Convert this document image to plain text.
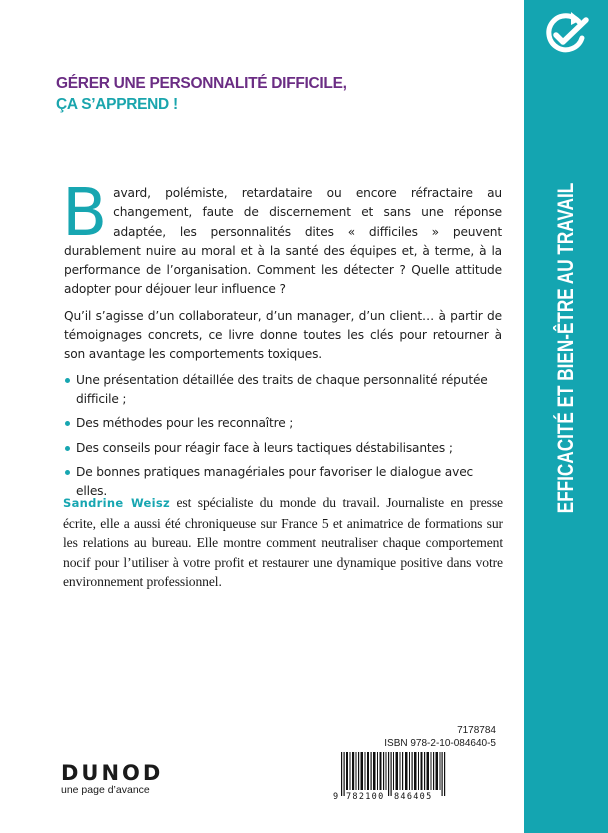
EFFICACITÉ ET BIEN-ÊTRE AU TRAVAIL
GÉRER UNE PERSONNALITÉ DIFFICILE,
ÇA S’APPREND !

Bavard, polémiste, retardataire ou encore réfractaire au changement, faute de discernement et sans une réponse adaptée, les personnalités dites « difficiles » peuvent durablement nuire au moral et à la santé des équipes et, à terme, à la performance de l’organisation. Comment les détecter ? Quelle attitude adopter pour déjouer leur influence ?

Qu’il s’agisse d’un collaborateur, d’un manager, d’un client… à partir de témoignages concrets, ce livre donne toutes les clés pour retourner à son avantage les comportements toxiques.

Une présentation détaillée des traits de chaque personnalité réputée difficile ;
Des méthodes pour les reconnaître ;
Des conseils pour réagir face à leurs tactiques déstabilisantes ;
De bonnes pratiques managériales pour favoriser le dialogue avec elles.

Sandrine Weisz est spécialiste du monde du travail. Journaliste en presse écrite, elle a aussi été chroniqueuse sur France 5 et animatrice de formations sur les relations au bureau. Elle montre comment neutraliser chaque comportement nocif pour l’utiliser à votre profit et restaurer une dynamique positive dans votre environnement professionnel.

DUNOD
une page d’avance
7178784
ISBN 978-2-10-084640-5
9 782100 846405
